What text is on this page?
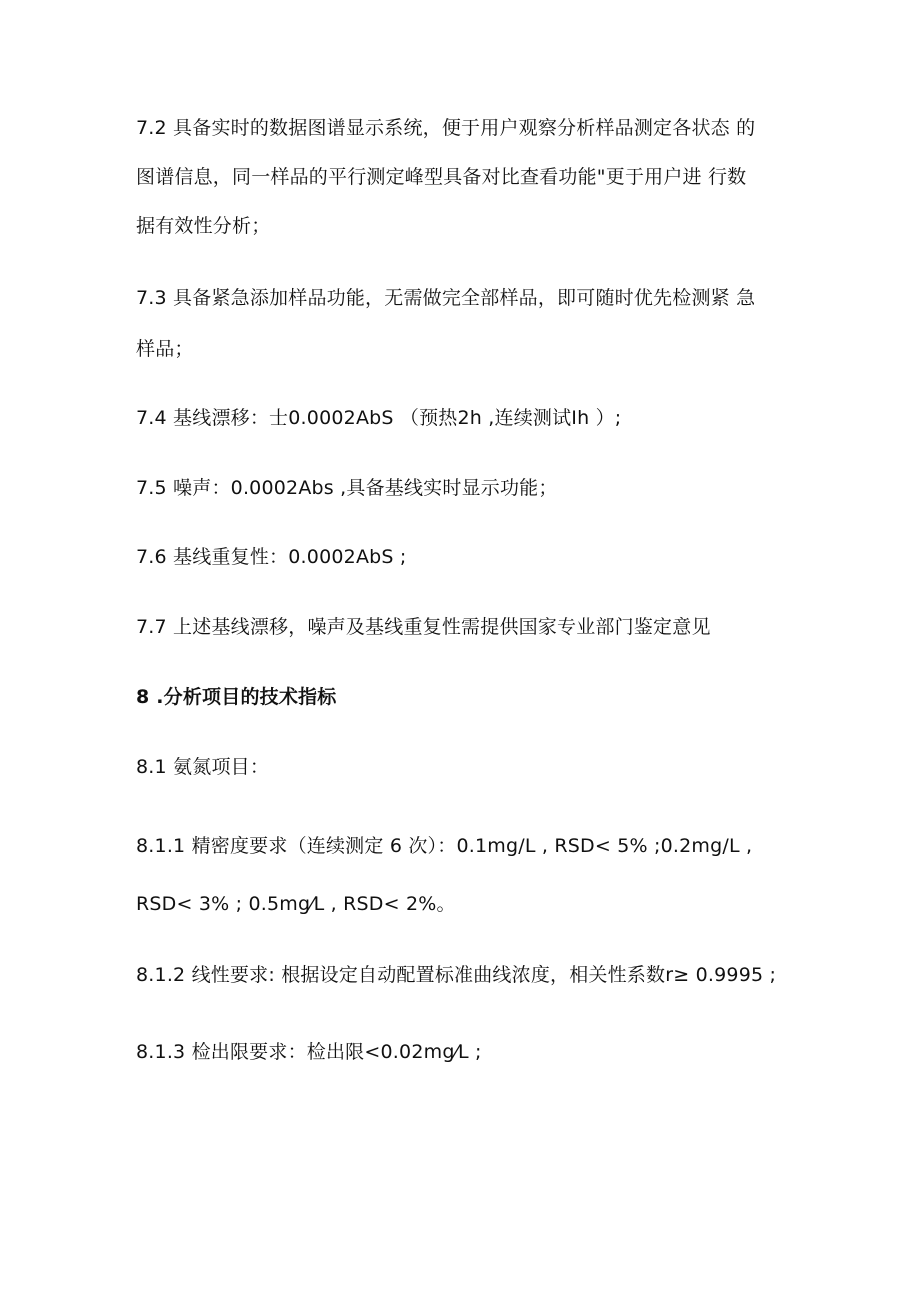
7.2 具备实时的数据图谱显示系统，便于用户观察分析样品测定各状态 的
图谱信息，同一样品的平行测定峰型具备对比查看功能"更于用户进 行数
据有效性分析；
7.3 具备紧急添加样品功能，无需做完全部样品，即可随时优先检测紧 急
样品；
7.4 基线漂移：士0.0002AbS （预热2h ,连续测试Ih ）;
7.5 噪声：0.0002Abs ,具备基线实时显示功能；
7.6 基线重复性：0.0002AbS ;
7.7 上述基线漂移，噪声及基线重复性需提供国家专业部门鉴定意见
8 .分析项目的技术指标
8.1 氨氮项目：
8.1.1 精密度要求（连续测定 6 次）：0.1mg/L , RSD< 5% ;0.2mg/L ,
RSD< 3% ; 0.5mg⁄L , RSD< 2%。
8.1.2 线性要求: 根据设定自动配置标准曲线浓度，相关性系数r≥ 0.9995 ;
8.1.3 检出限要求：检出限<0.02mg⁄L ;
